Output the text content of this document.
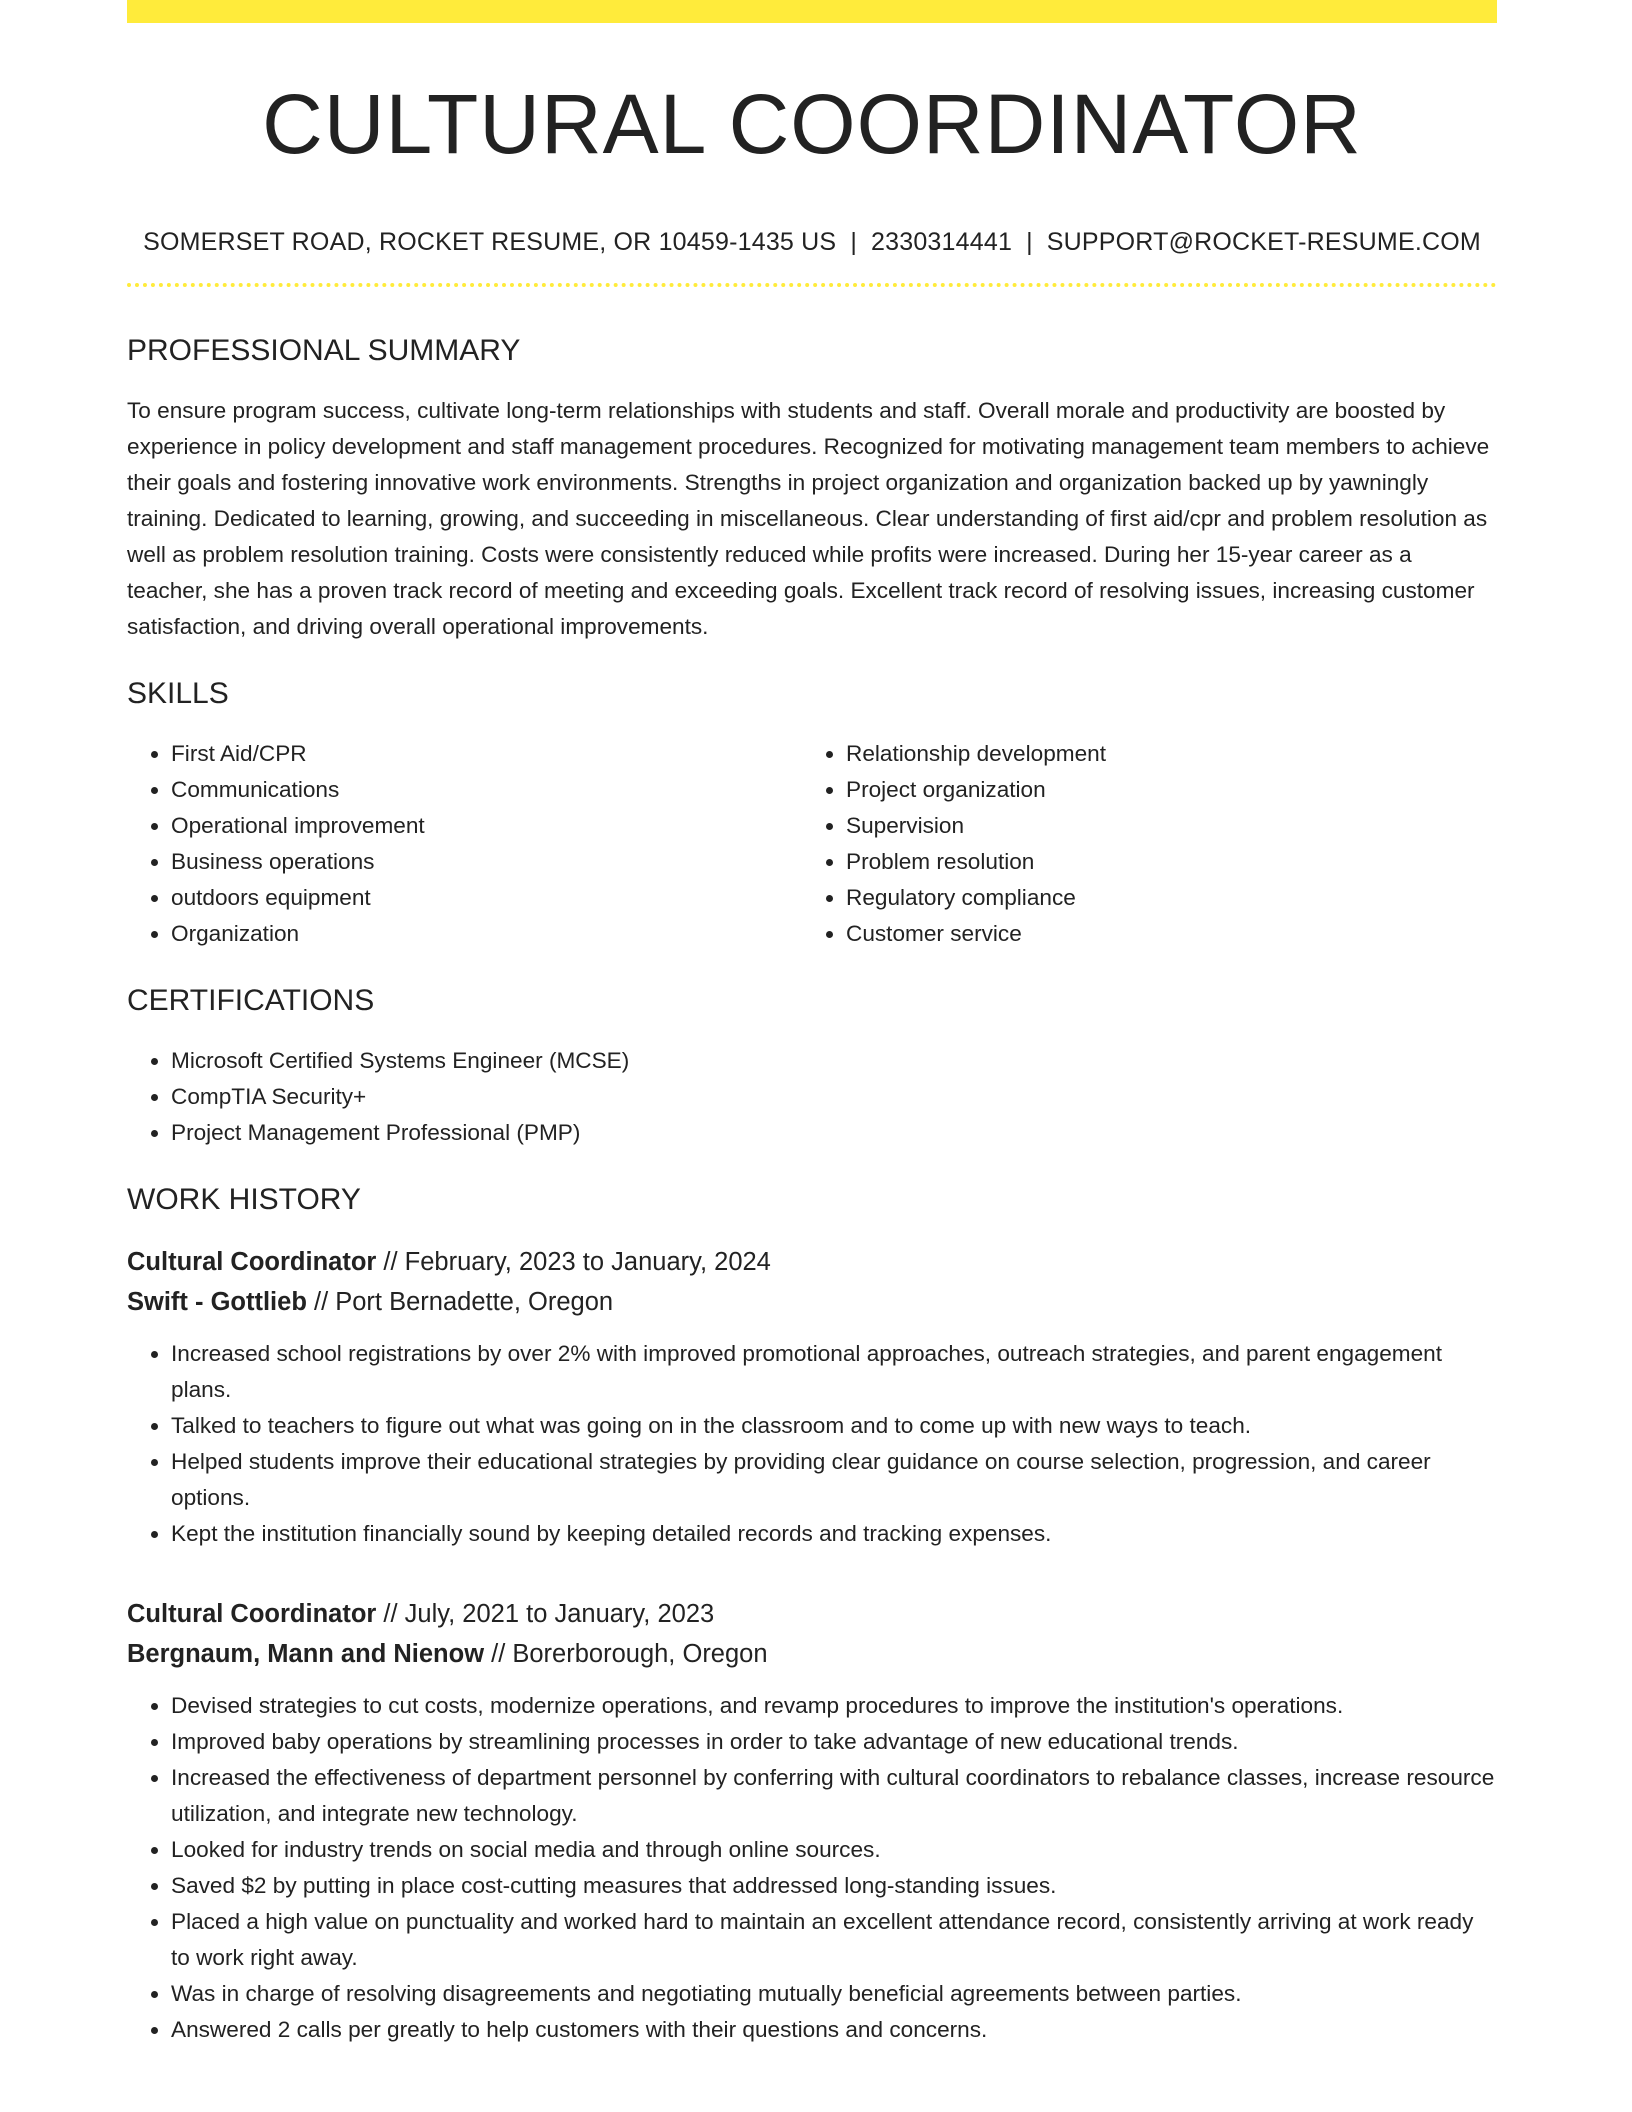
CULTURAL COORDINATOR
SOMERSET ROAD, ROCKET RESUME, OR 10459-1435 US | 2330314441 | SUPPORT@ROCKET-RESUME.COM
PROFESSIONAL SUMMARY

To ensure program success, cultivate long-term relationships with students and staff. Overall morale and productivity are boosted by experience in policy development and staff management procedures. Recognized for motivating management team members to achieve their goals and fostering innovative work environments. Strengths in project organization and organization backed up by yawningly training. Dedicated to learning, growing, and succeeding in miscellaneous. Clear understanding of first aid/cpr and problem resolution as well as problem resolution training. Costs were consistently reduced while profits were increased. During her 15-year career as a teacher, she has a proven track record of meeting and exceeding goals. Excellent track record of resolving issues, increasing customer satisfaction, and driving overall operational improvements.

SKILLS
• First Aid/CPR
• Communications
• Operational improvement
• Business operations
• outdoors equipment
• Organization
• Relationship development
• Project organization
• Supervision
• Problem resolution
• Regulatory compliance
• Customer service
CERTIFICATIONS
• Microsoft Certified Systems Engineer (MCSE)
• CompTIA Security+
• Project Management Professional (PMP)
WORK HISTORY
Cultural Coordinator // February, 2023 to January, 2024
Swift - Gottlieb // Port Bernadette, Oregon
• Increased school registrations by over 2% with improved promotional approaches, outreach strategies, and parent engagement plans.
• Talked to teachers to figure out what was going on in the classroom and to come up with new ways to teach.
• Helped students improve their educational strategies by providing clear guidance on course selection, progression, and career options.
• Kept the institution financially sound by keeping detailed records and tracking expenses.
Cultural Coordinator // July, 2021 to January, 2023
Bergnaum, Mann and Nienow // Borerborough, Oregon
• Devised strategies to cut costs, modernize operations, and revamp procedures to improve the institution's operations.
• Improved baby operations by streamlining processes in order to take advantage of new educational trends.
• Increased the effectiveness of department personnel by conferring with cultural coordinators to rebalance classes, increase resource utilization, and integrate new technology.
• Looked for industry trends on social media and through online sources.
• Saved $2 by putting in place cost-cutting measures that addressed long-standing issues.
• Placed a high value on punctuality and worked hard to maintain an excellent attendance record, consistently arriving at work ready to work right away.
• Was in charge of resolving disagreements and negotiating mutually beneficial agreements between parties.
• Answered 2 calls per greatly to help customers with their questions and concerns.
